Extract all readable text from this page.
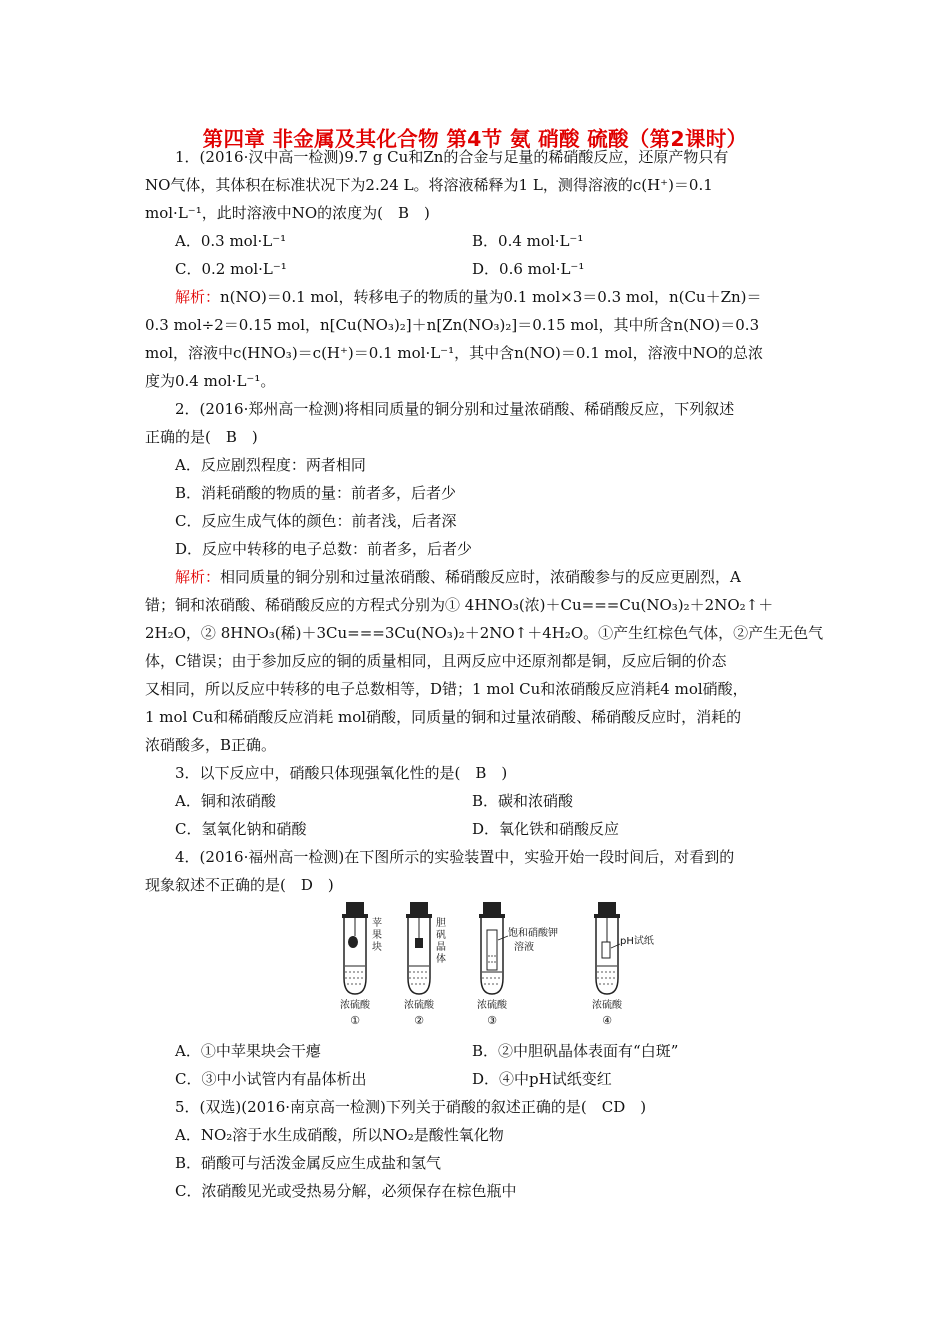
第四章 非金属及其化合物 第4节 氨 硝酸 硫酸（第2课时）
1．(2016·汉中高一检测)9.7 g Cu和Zn的合金与足量的稀硝酸反应，还原产物只有
NO气体，其体积在标准状况下为2.24 L。将溶液稀释为1 L，测得溶液的c(H⁺)＝0.1
mol·L⁻¹，此时溶液中NO的浓度为(　B　)
A．0.3 mol·L⁻¹	B．0.4 mol·L⁻¹
C．0.2 mol·L⁻¹	D．0.6 mol·L⁻¹
解析：n(NO)＝0.1 mol，转移电子的物质的量为0.1 mol×3＝0.3 mol，n(Cu＋Zn)＝
0.3 mol÷2＝0.15 mol，n[Cu(NO₃)₂]＋n[Zn(NO₃)₂]＝0.15 mol，其中所含n(NO)＝0.3
mol，溶液中c(HNO₃)＝c(H⁺)＝0.1 mol·L⁻¹，其中含n(NO)＝0.1 mol，溶液中NO的总浓
度为0.4 mol·L⁻¹。
2．(2016·郑州高一检测)将相同质量的铜分别和过量浓硝酸、稀硝酸反应，下列叙述
正确的是(　B　)
A．反应剧烈程度：两者相同
B．消耗硝酸的物质的量：前者多，后者少
C．反应生成气体的颜色：前者浅，后者深
D．反应中转移的电子总数：前者多，后者少
解析：相同质量的铜分别和过量浓硝酸、稀硝酸反应时，浓硝酸参与的反应更剧烈，A
错；铜和浓硝酸、稀硝酸反应的方程式分别为① 4HNO₃(浓)＋Cu===Cu(NO₃)₂＋2NO₂↑＋
2H₂O，② 8HNO₃(稀)＋3Cu===3Cu(NO₃)₂＋2NO↑＋4H₂O。①产生红棕色气体，②产生无色气
体，C错误；由于参加反应的铜的质量相同，且两反应中还原剂都是铜，反应后铜的价态
又相同，所以反应中转移的电子总数相等，D错；1 mol Cu和浓硝酸反应消耗4 mol硝酸，
1 mol Cu和稀硝酸反应消耗 mol硝酸，同质量的铜和过量浓硝酸、稀硝酸反应时，消耗的
浓硝酸多，B正确。
3．以下反应中，硝酸只体现强氧化性的是(　B　)
A．铜和浓硝酸	B．碳和浓硝酸
C．氢氧化钠和硝酸	D．氧化铁和硝酸反应
4．(2016·福州高一检测)在下图所示的实验装置中，实验开始一段时间后，对看到的
现象叙述不正确的是(　D　)
苹
果
块
浓硫酸
①
胆
矾
晶
体
浓硫酸
②
饱和硝酸钾
溶液
浓硫酸
③
pH试纸
浓硫酸
④
A．①中苹果块会干瘪	B．②中胆矾晶体表面有“白斑”
C．③中小试管内有晶体析出	D．④中pH试纸变红
5．(双选)(2016·南京高一检测)下列关于硝酸的叙述正确的是(　CD　)
A．NO₂溶于水生成硝酸，所以NO₂是酸性氧化物
B．硝酸可与活泼金属反应生成盐和氢气
C．浓硝酸见光或受热易分解，必须保存在棕色瓶中
